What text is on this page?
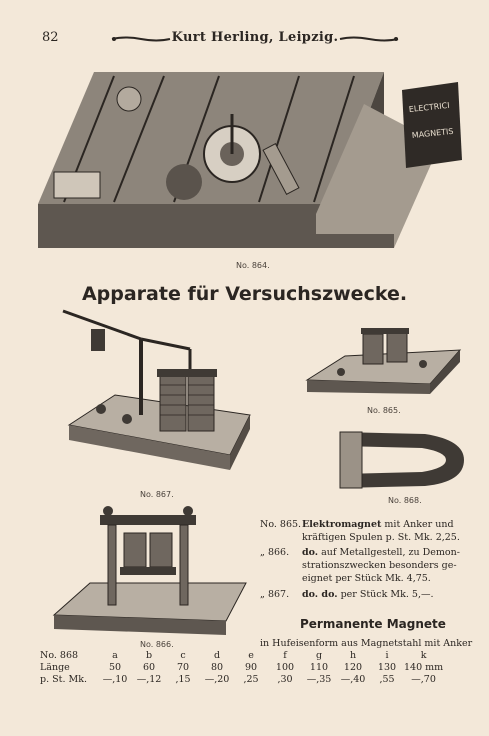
82	Kurt Herling, Leipzig.
ELECTRICI
MAGNETIS
No. 864.
Apparate für Versuchszwecke.
No. 867.
No. 865.
No. 868.
No. 866.
No. 865.Elektromagnet mit Anker und
kräftigen Spulen p. St. Mk. 2,25.
„ 866. do. auf Metallgestell, zu Demon-
strationszwecken besonders ge-
eignet per Stück Mk. 4,75.
„ 867. do. do. per Stück Mk. 5,—.
Permanente Magnete
in Hufeisenform aus Magnetstahl mit Anker
No. 868	a	b	c	d	e	f	g	h	i	k
Länge	50	60	70	80	90	100	110	120	130	140 mm
p. St. Mk.	—,10	—,12	,15	—,20	,25	,30	—,35	—,40	,55	—,70
